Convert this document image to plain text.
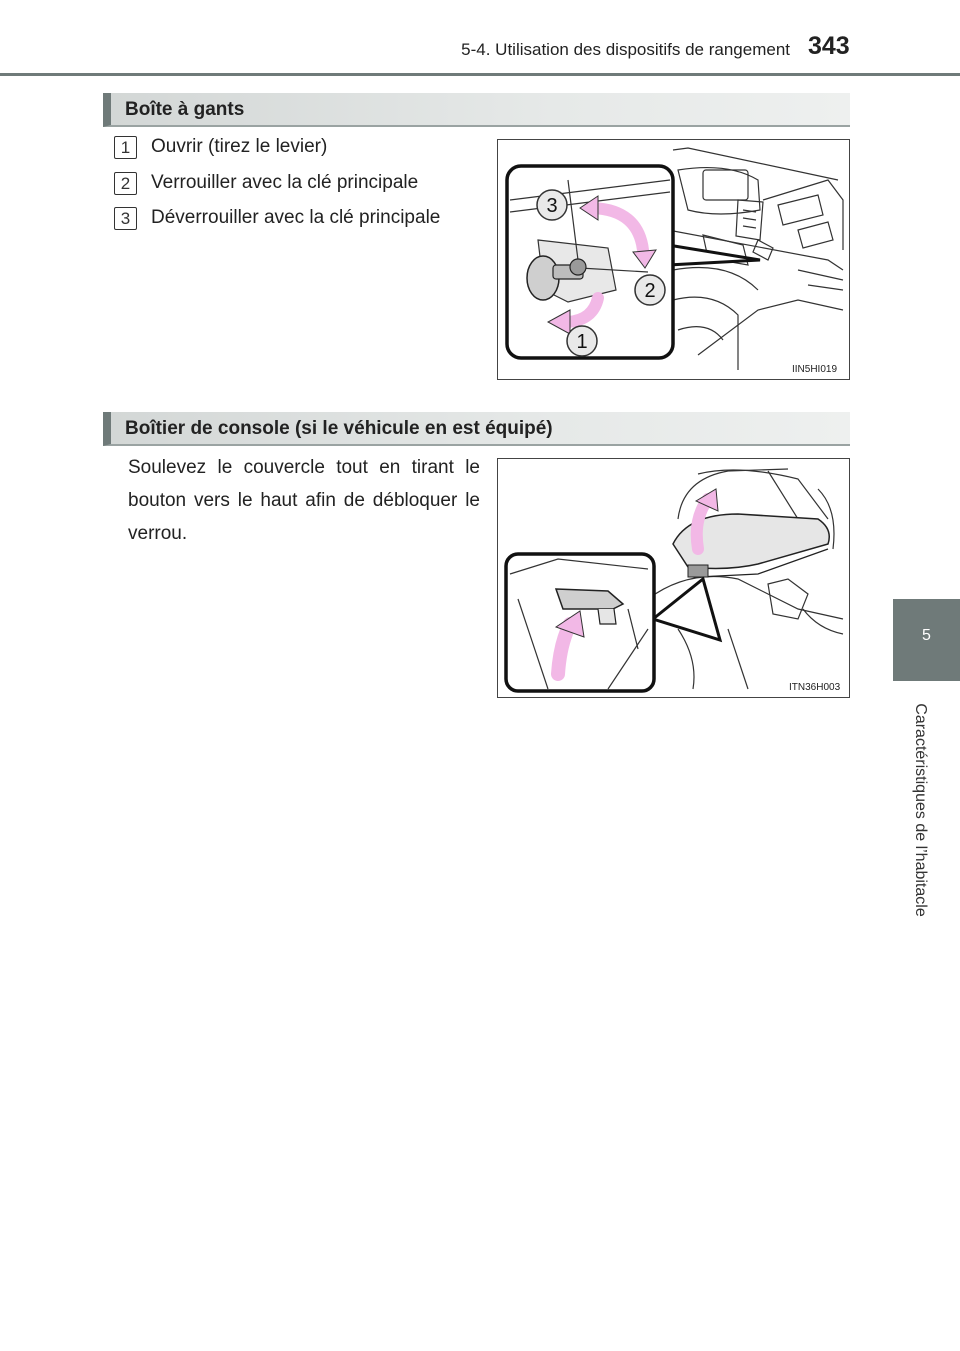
5-4. Utilisation des dispositifs de rangement 343
5
Caractéristiques de l’habitacle
Boîte à gants
1	Ouvrir (tirez le levier)
2	Verrouiller avec la clé principale
3	Déverrouiller avec la clé principale
3
2
1
IIN5HI019
Boîtier de console (si le véhicule en est équipé)
Soulevez le couvercle tout en tirant le bouton vers le haut afin de débloquer le verrou.
ITN36H003
